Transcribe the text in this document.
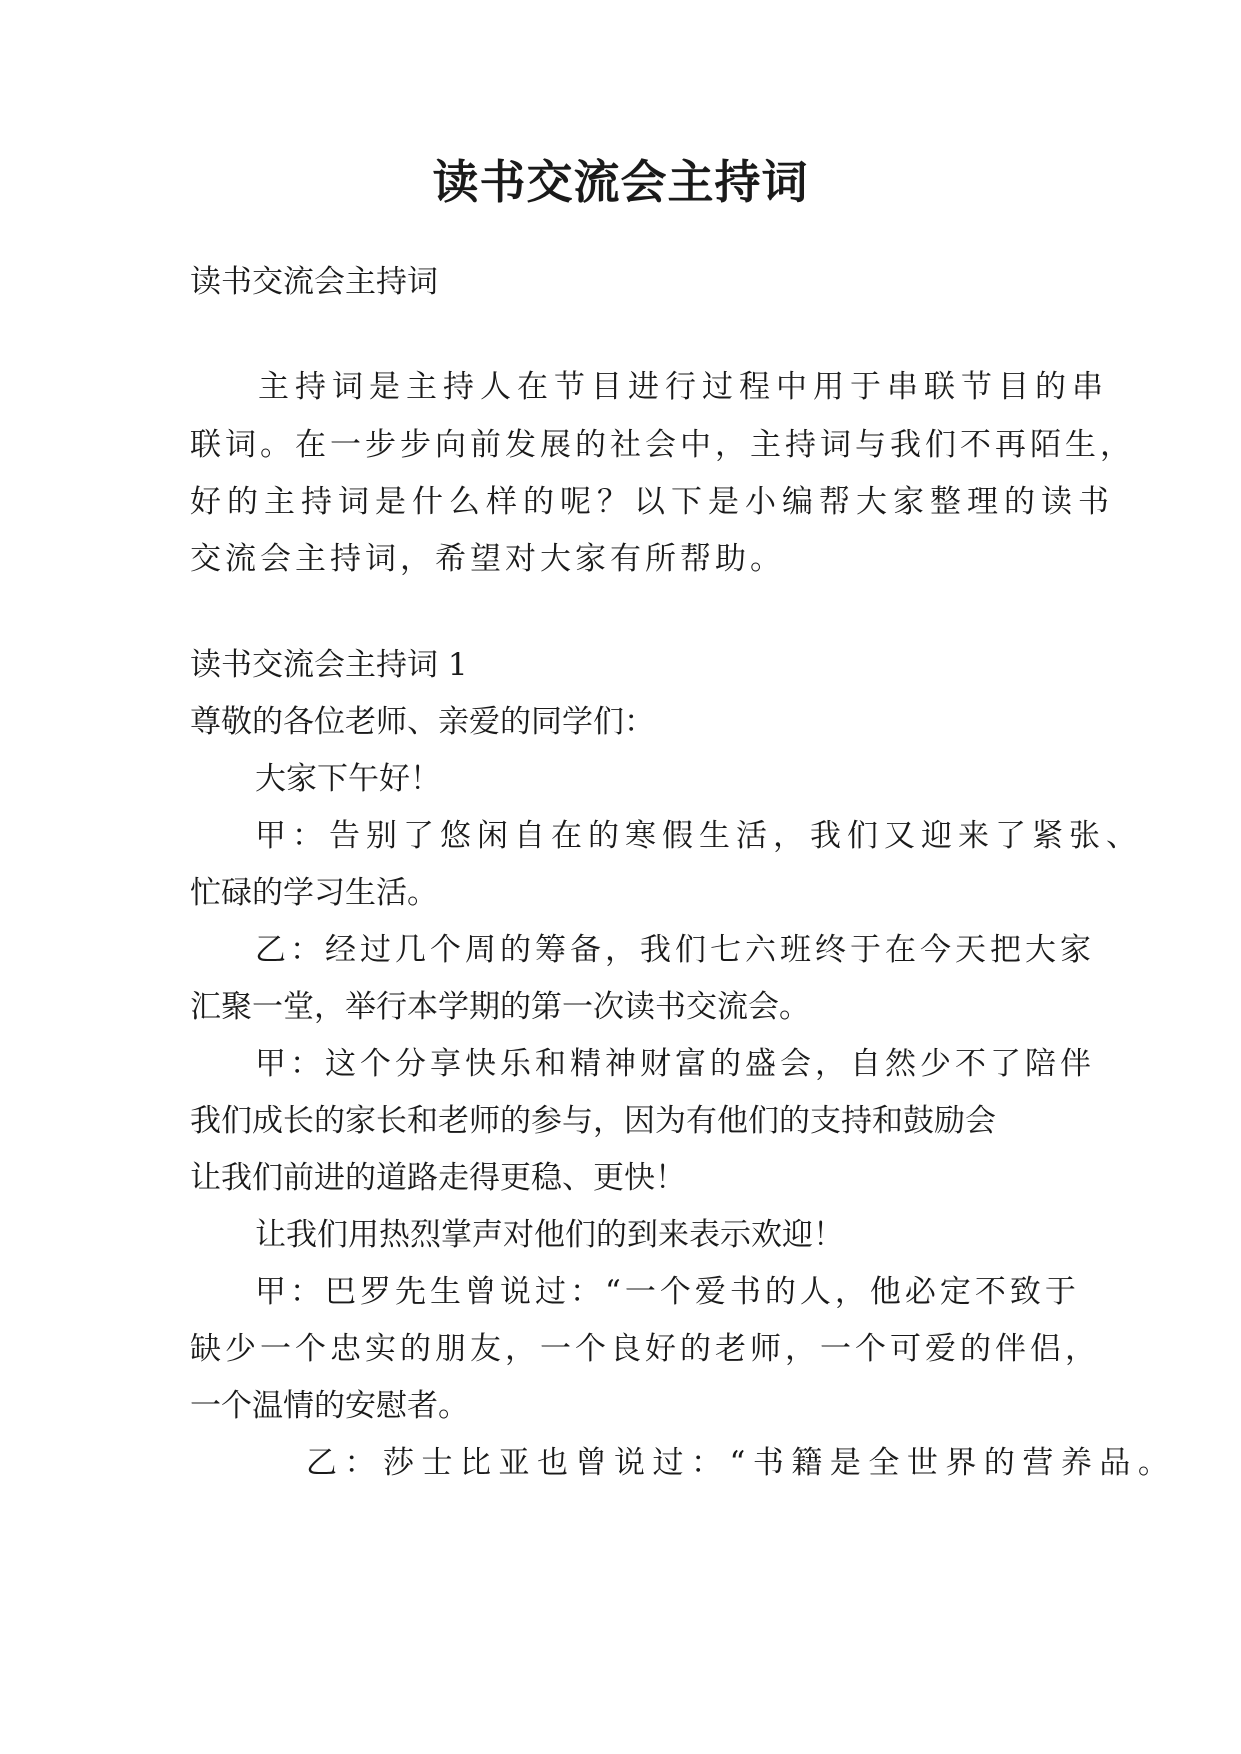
读书交流会主持词

读书交流会主持词

主持词是主持人在节目进行过程中用于串联节目的串

联词。在一步步向前发展的社会中，主持词与我们不再陌生，

好的主持词是什么样的呢？以下是小编帮大家整理的读书

交流会主持词，希望对大家有所帮助。

读书交流会主持词 1

尊敬的各位老师、亲爱的同学们：

大家下午好！

甲：告别了悠闲自在的寒假生活，我们又迎来了紧张、

忙碌的学习生活。

乙：经过几个周的筹备，我们七六班终于在今天把大家

汇聚一堂，举行本学期的第一次读书交流会。

甲：这个分享快乐和精神财富的盛会，自然少不了陪伴

我们成长的家长和老师的参与，因为有他们的支持和鼓励会

让我们前进的道路走得更稳、更快！

让我们用热烈掌声对他们的到来表示欢迎！

甲：巴罗先生曾说过：“一个爱书的人，他必定不致于

缺少一个忠实的朋友，一个良好的老师，一个可爱的伴侣，

一个温情的安慰者。

乙：莎士比亚也曾说过：“书籍是全世界的营养品。
